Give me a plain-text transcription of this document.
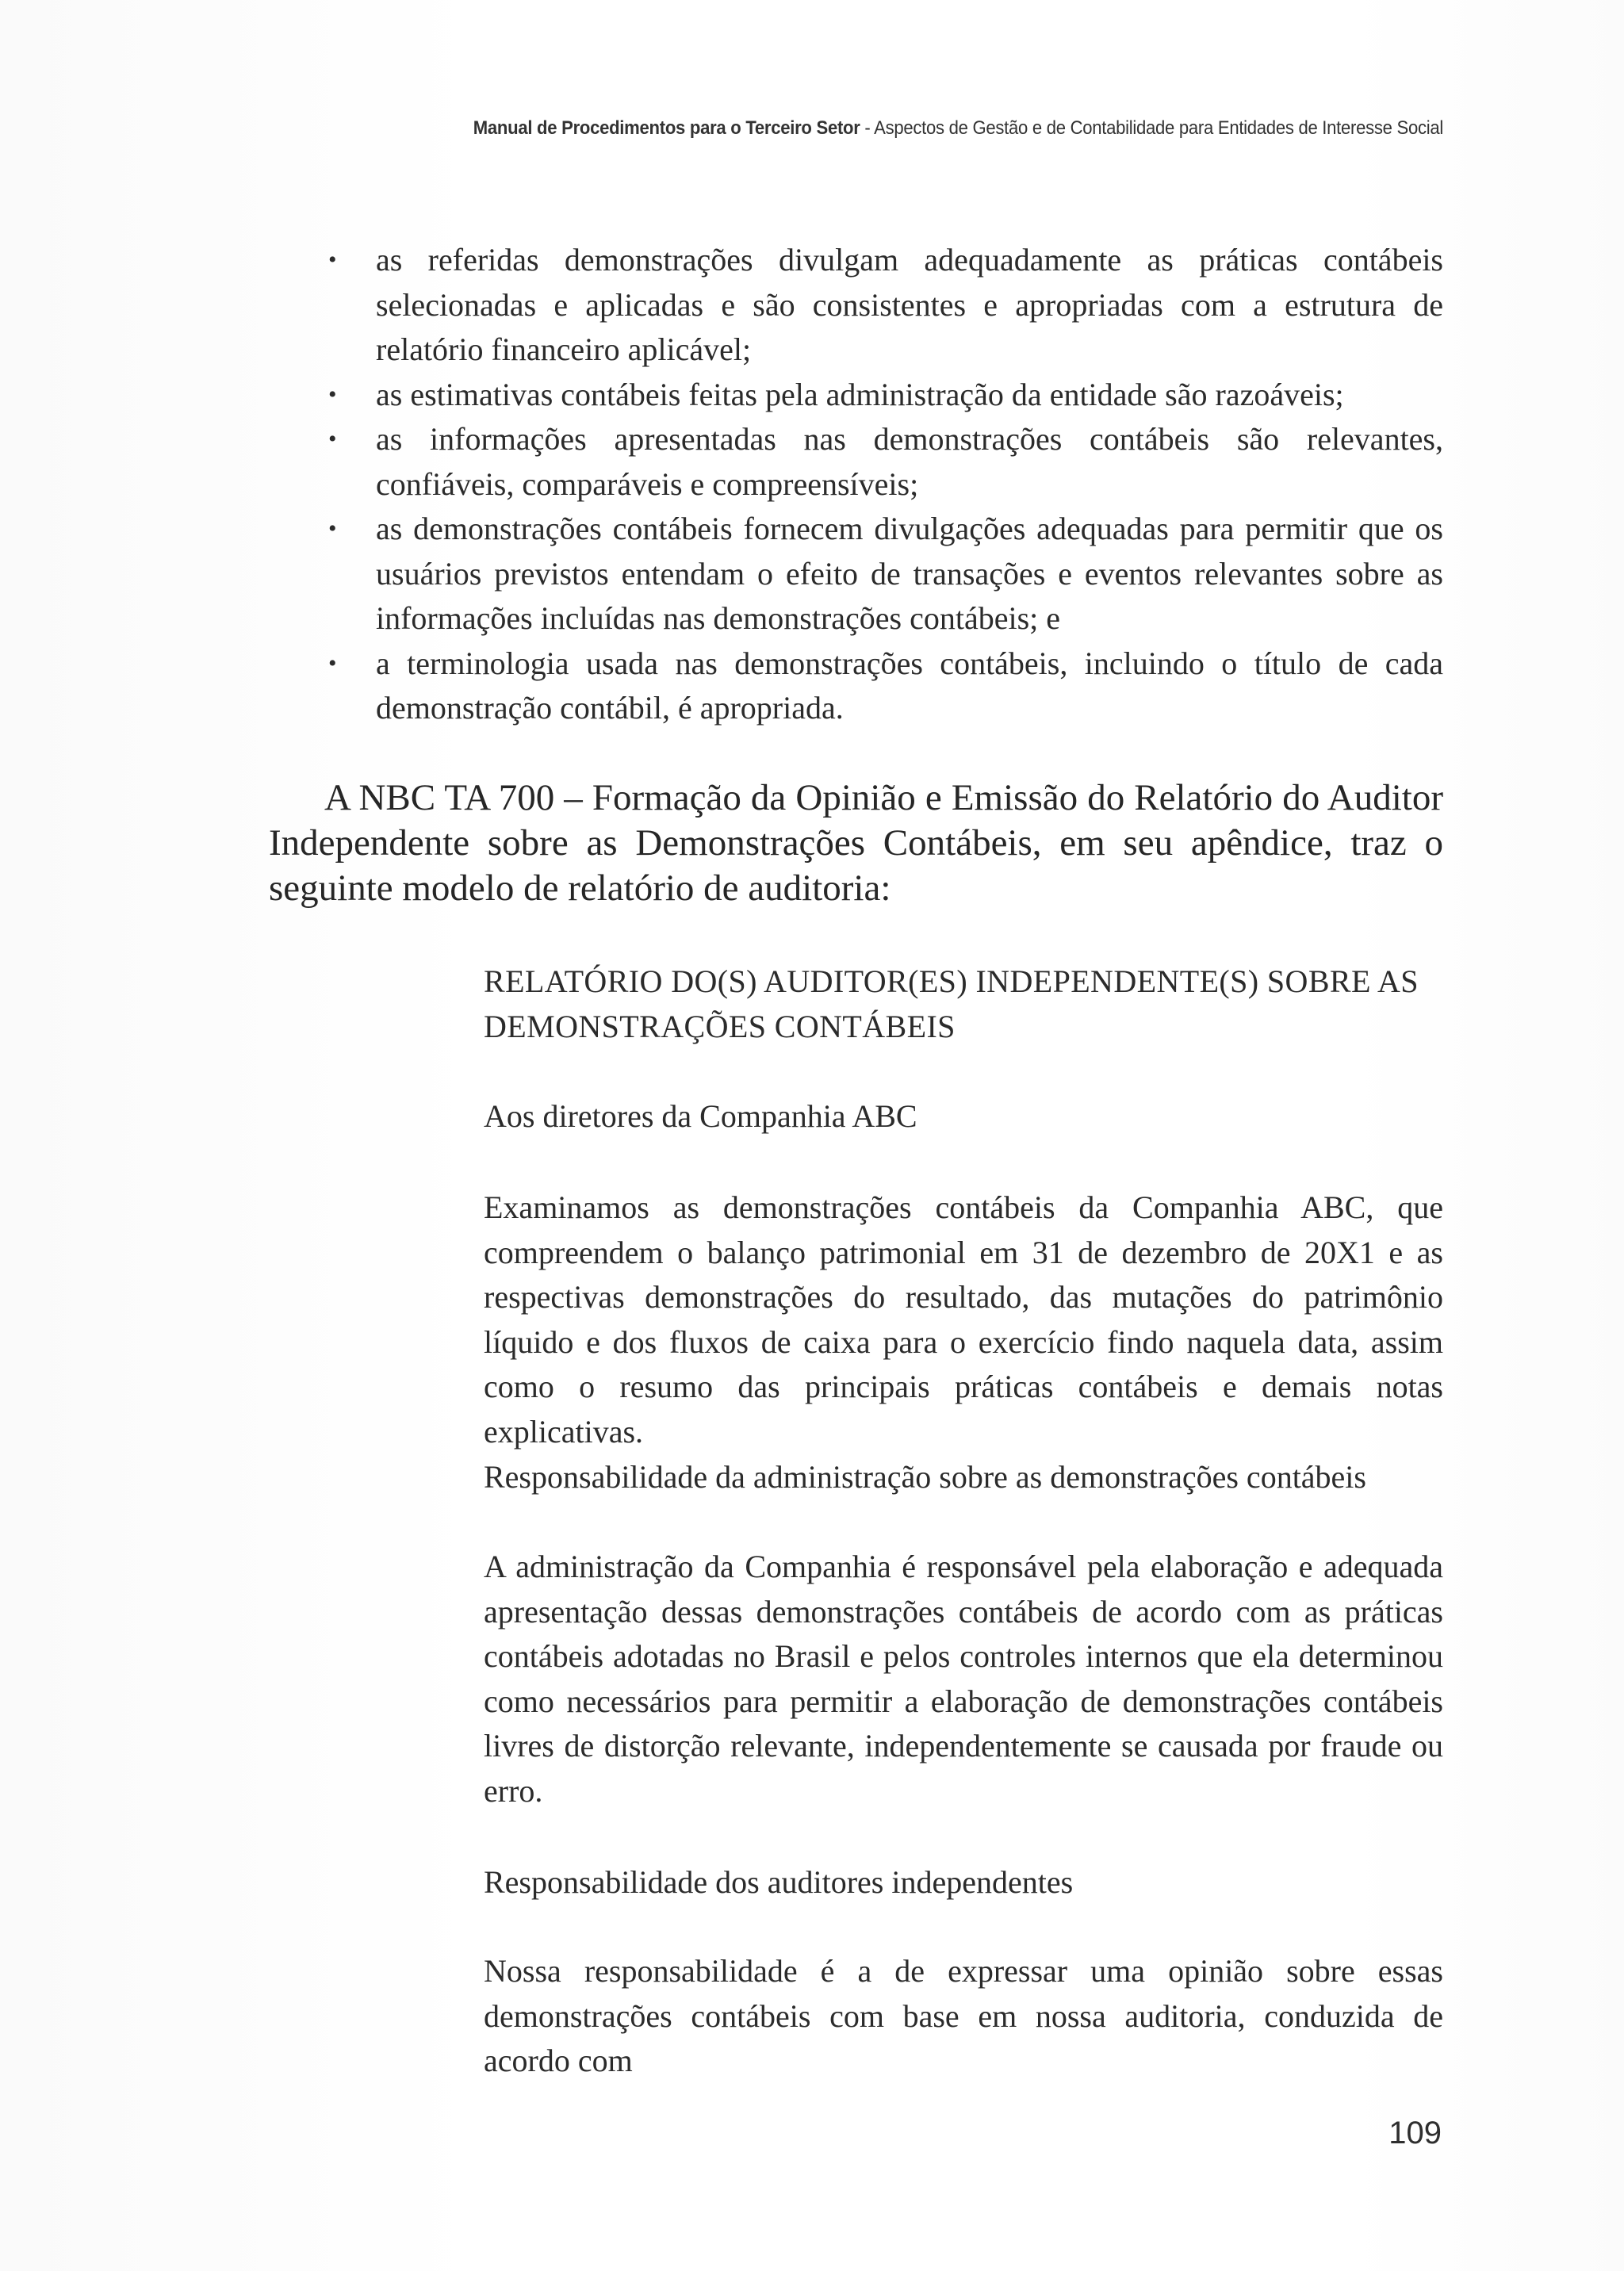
Manual de Procedimentos para o Terceiro Setor - Aspectos de Gestão e de Contabilidade para Entidades de Interesse Social
• as referidas demonstrações divulgam adequadamente as práticas contábeis selecionadas e aplicadas e são consistentes e apropriadas com a estrutura de relatório financeiro aplicável;
• as estimativas contábeis feitas pela administração da entidade são razoáveis;
• as informações apresentadas nas demonstrações contábeis são relevantes, confiáveis, comparáveis e compreensíveis;
• as demonstrações contábeis fornecem divulgações adequadas para permitir que os usuários previstos entendam o efeito de transações e eventos relevantes sobre as informações incluídas nas demonstrações contábeis; e
• a terminologia usada nas demonstrações contábeis, incluindo o título de cada demonstração contábil, é apropriada.

A NBC TA 700 – Formação da Opinião e Emissão do Relatório do Auditor Independente sobre as Demonstrações Contábeis, em seu apêndice, traz o seguinte modelo de relatório de auditoria:

RELATÓRIO DO(S) AUDITOR(ES) INDEPENDENTE(S) SOBRE AS DEMONSTRAÇÕES CONTÁBEIS

Aos diretores da Companhia ABC

Examinamos as demonstrações contábeis da Companhia ABC, que compreendem o balanço patrimonial em 31 de dezembro de 20X1 e as respectivas demonstrações do resultado, das mutações do patrimônio líquido e dos fluxos de caixa para o exercício findo naquela data, assim como o resumo das principais práticas contábeis e demais notas explicativas.

Responsabilidade da administração sobre as demonstrações contábeis

A administração da Companhia é responsável pela elaboração e adequada apresentação dessas demonstrações contábeis de acordo com as práticas contábeis adotadas no Brasil e pelos controles internos que ela determinou como necessários para permitir a elaboração de demonstrações contábeis livres de distorção relevante, independentemente se causada por fraude ou erro.

Responsabilidade dos auditores independentes

Nossa responsabilidade é a de expressar uma opinião sobre essas demonstrações contábeis com base em nossa auditoria, conduzida de acordo com

109
